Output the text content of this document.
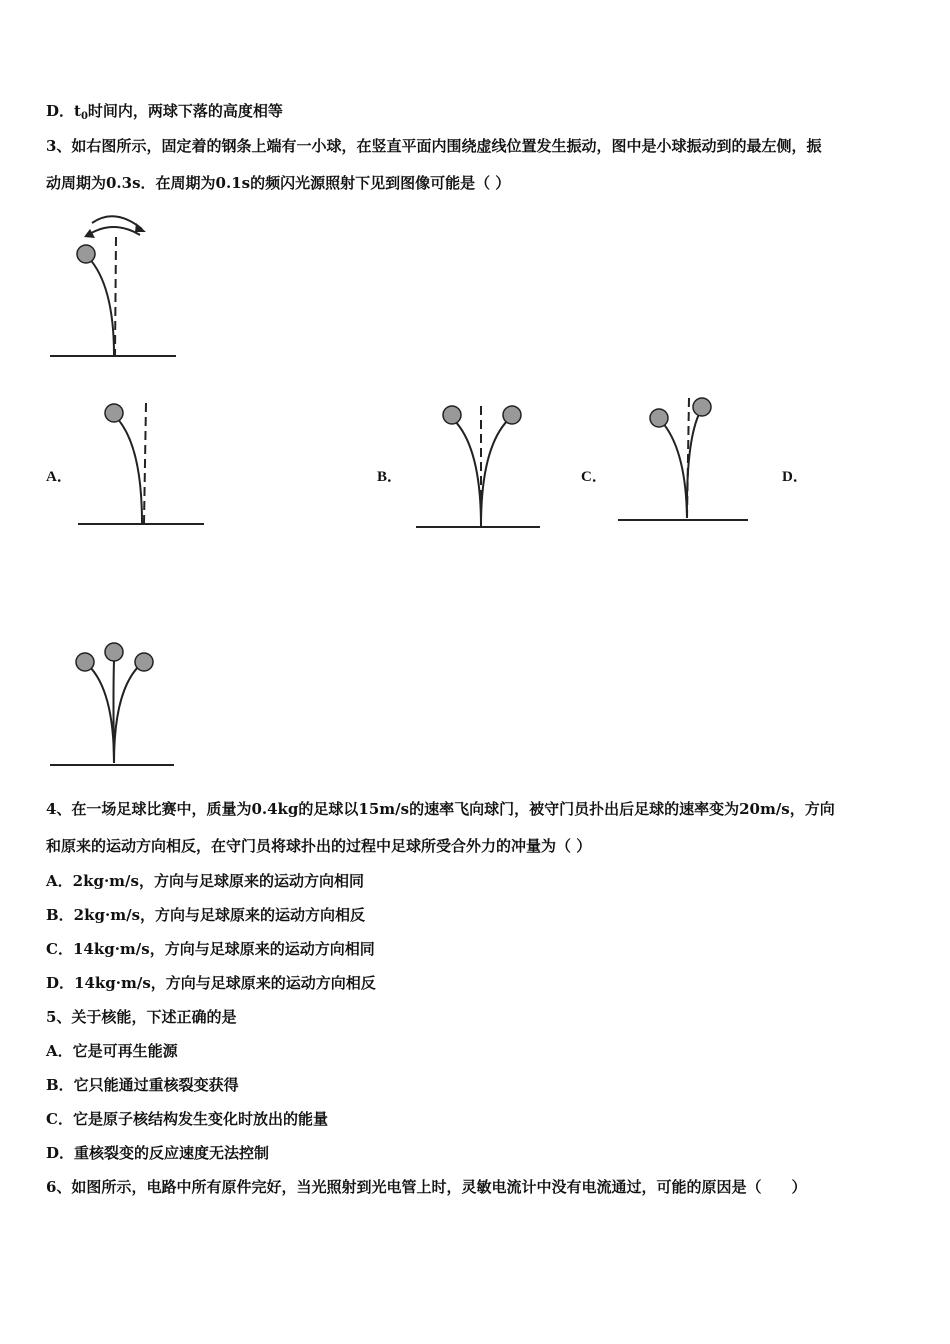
D．$t_0$时间内，两球下落的高度相等
3、如右图所示，固定着的钢条上端有一小球，在竖直平面内围绕虚线位置发生振动，图中是小球振动到的最左侧，振
动周期为0.3s．在周期为0.1s的频闪光源照射下见到图像可能是（ ）
A．	B．	C．	D．
4、在一场足球比赛中，质量为0.4kg的足球以15m/s的速率飞向球门，被守门员扑出后足球的速率变为20m/s，方向
和原来的运动方向相反，在守门员将球扑出的过程中足球所受合外力的冲量为（ ）
A．2kg·m/s，方向与足球原来的运动方向相同
B．2kg·m/s，方向与足球原来的运动方向相反
C．14kg·m/s，方向与足球原来的运动方向相同
D．14kg·m/s，方向与足球原来的运动方向相反
5、关于核能，下述正确的是
A．它是可再生能源
B．它只能通过重核裂变获得
C．它是原子核结构发生变化时放出的能量
D．重核裂变的反应速度无法控制
6、如图所示，电路中所有原件完好，当光照射到光电管上时，灵敏电流计中没有电流通过，可能的原因是（　　）
